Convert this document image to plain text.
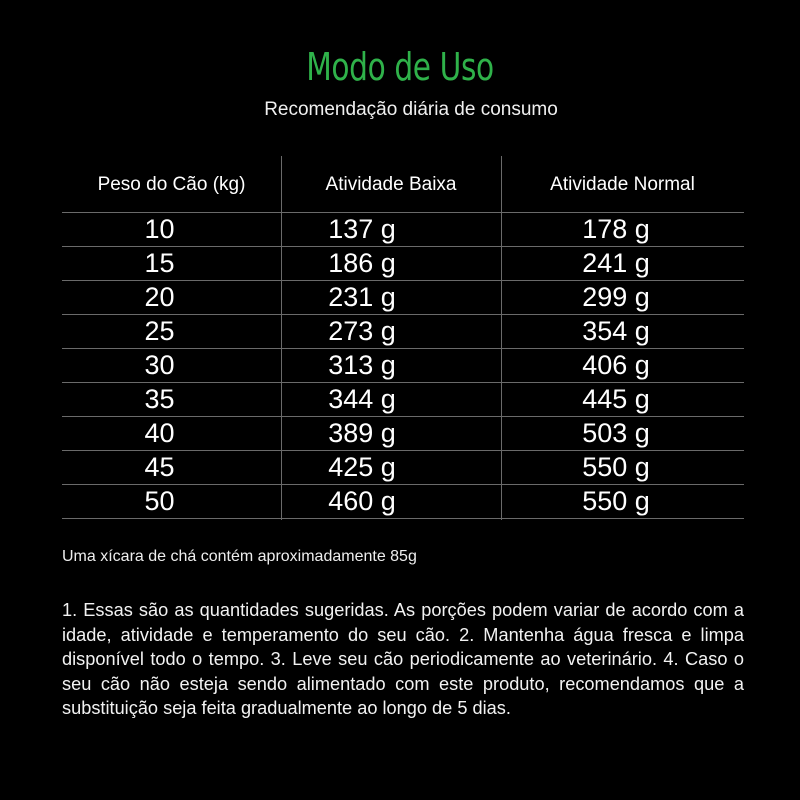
Modo de Uso
Recomendação diária de consumo
Peso do Cão (kg)	Atividade Baixa	Atividade Normal
10	137 g	178 g
15	186 g	241 g
20	231 g	299 g
25	273 g	354 g
30	313 g	406 g
35	344 g	445 g
40	389 g	503 g
45	425 g	550 g
50	460 g	550 g
Uma xícara de chá contém aproximadamente 85g

1. Essas são as quantidades sugeridas. As porções podem variar de acordo com a idade, atividade e temperamento do seu cão. 2. Mantenha água fresca e limpa disponível todo o tempo. 3. Leve seu cão periodicamente ao veterinário. 4. Caso o seu cão não esteja sendo alimentado com este produto, recomendamos que a substituição seja feita gradualmente ao longo de 5 dias.
